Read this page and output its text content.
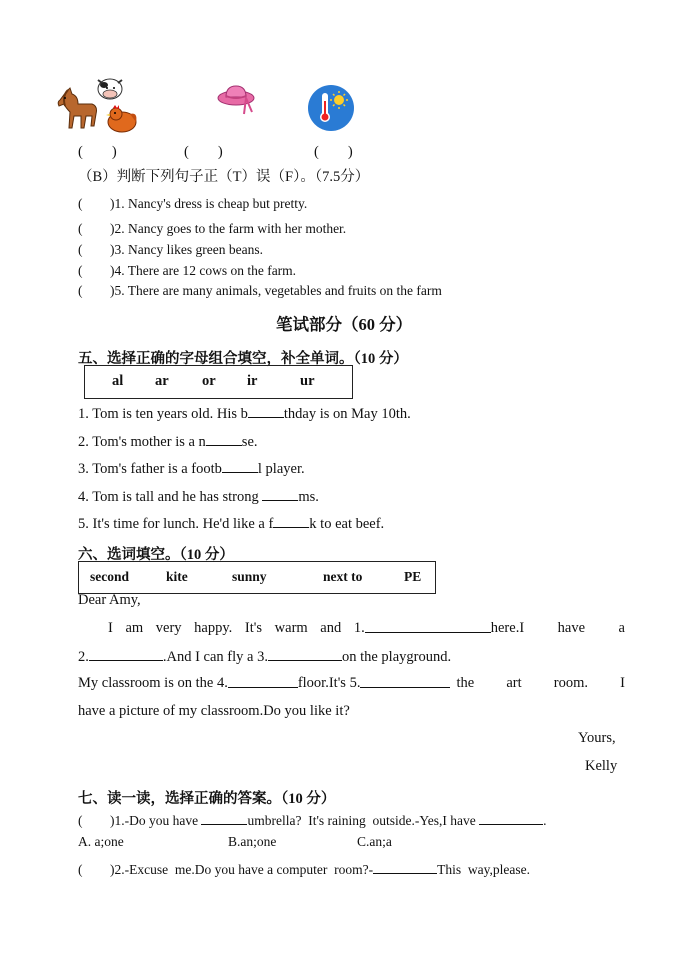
(　　)	(　　)	(　　)
（B）判断下列句子正（T）误（F）。（7.5分）
( )1. Nancy's dress is cheap but pretty.
( )2. Nancy goes to the farm with her mother.
( )3. Nancy likes green beans.
( )4. There are 12 cows on the farm.
( )5. There are many animals, vegetables and fruits on the farm
笔试部分（60 分）
五、选择正确的字母组合填空，补全单词。（10 分）
al ar or ir	ur
1. Tom is ten years old. His b thday is on May 10th.
2. Tom's mother is a n se.
3. Tom's father is a footb l player.
4. Tom is tall and he has strong ms.
5. It's time for lunch. He'd like a f k to eat beef.
六、选词填空。（10 分）
second	kite	sunny	next to	PE
Dear Amy,
I am very happy. It's warm and 1.	here.I have a
2.	.And I can fly a 3.	on the playground.
My classroom is on the 4.	floor.It's 5.	the art room. I
have a picture of my classroom.Do you like it?
Yours,
Kelly
七、读一读，选择正确的答案。（10 分）
( )1.-Do you have	umbrella?  It's raining  outside.-Yes,I have	.
A. a;one	B.an;one	C.an;a
( )2.-Excuse  me.Do you have a computer  room?-	This  way,please.
